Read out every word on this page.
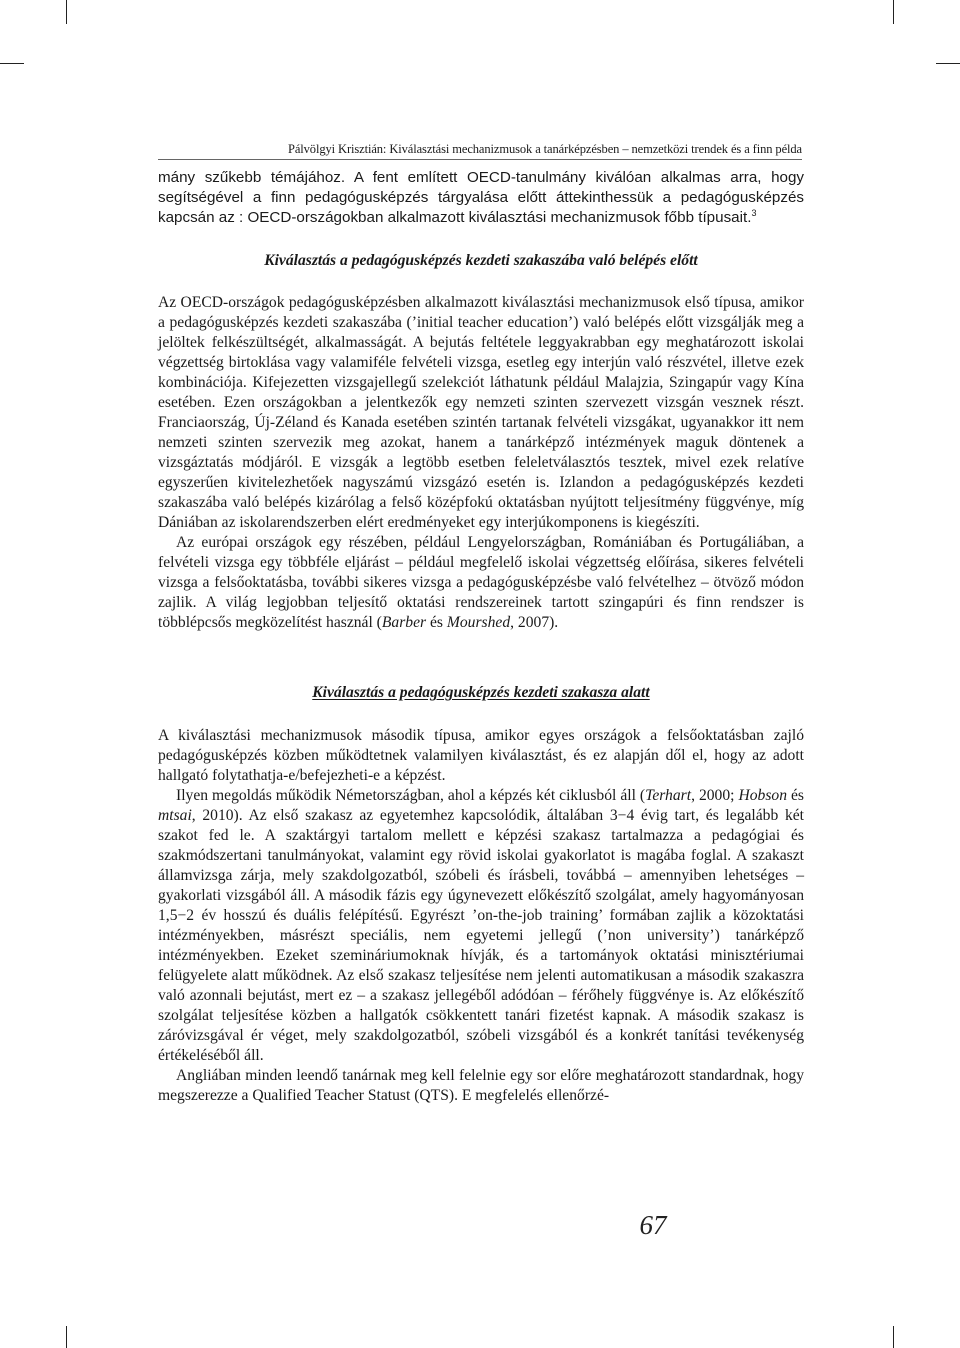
Pálvölgyi Krisztián: Kiválasztási mechanizmusok a tanárképzésben – nemzetközi trendek és a finn példa

mány szűkebb témájához. A fent említett OECD-tanulmány kiválóan alkalmas arra, hogy segítségével a finn pedagógusképzés tárgyalása előtt áttekinthessük a pedagógusképzés kapcsán az : OECD-országokban alkalmazott kiválasztási mechanizmusok főbb típusait.$^3$

Kiválasztás a pedagógusképzés kezdeti szakaszába való belépés előtt

Az OECD-országok pedagógusképzésben alkalmazott kiválasztási mechanizmusok első típusa, amikor a pedagógusképzés kezdeti szakaszába (’initial teacher education’) való belépés előtt vizsgálják meg a jelöltek felkészültségét, alkalmasságát. A bejutás feltétele leggyakrabban egy meghatározott iskolai végzettség birtoklása vagy valamiféle felvételi vizsga, esetleg egy interjún való részvétel, illetve ezek kombinációja. Kifejezetten vizsgajellegű szelekciót láthatunk például Malajzia, Szingapúr vagy Kína esetében. Ezen országokban a jelentkezők egy nemzeti szinten szervezett vizsgán vesznek részt. Franciaország, Új-Zéland és Kanada esetében szintén tartanak felvételi vizsgákat, ugyanakkor itt nem nemzeti szinten szervezik meg azokat, hanem a tanárképző intézmények maguk döntenek a vizsgáztatás módjáról. E vizsgák a legtöbb esetben feleletválasztós tesztek, mivel ezek relatíve egyszerűen kivitelezhetőek nagyszámú vizsgázó esetén is. Izlandon a pedagógusképzés kezdeti szakaszába való belépés kizárólag a felső középfokú oktatásban nyújtott teljesítmény függvénye, míg Dániában az iskolarendszerben elért eredményeket egy interjúkomponens is kiegészíti.

Az európai országok egy részében, például Lengyelországban, Romániában és Portugáliában, a felvételi vizsga egy többféle eljárást – például megfelelő iskolai végzettség előírása, sikeres felvételi vizsga a felsőoktatásba, további sikeres vizsga a pedagógusképzésbe való felvételhez – ötvöző módon zajlik. A világ legjobban teljesítő oktatási rendszereinek tartott szingapúri és finn rendszer is többlépcsős megközelítést használ (Barber és Mourshed, 2007).

Kiválasztás a pedagógusképzés kezdeti szakasza alatt

A kiválasztási mechanizmusok második típusa, amikor egyes országok a felsőoktatásban zajló pedagógusképzés közben működtetnek valamilyen kiválasztást, és ez alapján dől el, hogy az adott hallgató folytathatja-e/befejezheti-e a képzést.

Ilyen megoldás működik Németországban, ahol a képzés két ciklusból áll (Terhart, 2000; Hobson és mtsai, 2010). Az első szakasz az egyetemhez kapcsolódik, általában 3−4 évig tart, és legalább két szakot fed le. A szaktárgyi tartalom mellett e képzési szakasz tartalmazza a pedagógiai és szakmódszertani tanulmányokat, valamint egy rövid iskolai gyakorlatot is magába foglal. A szakaszt államvizsga zárja, mely szakdolgozatból, szóbeli és írásbeli, továbbá – amennyiben lehetséges – gyakorlati vizsgából áll. A második fázis egy úgynevezett előkészítő szolgálat, amely hagyományosan 1,5−2 év hosszú és duális felépítésű. Egyrészt ’on-the-job training’ formában zajlik a közoktatási intézményekben, másrészt speciális, nem egyetemi jellegű (’non university’) tanárképző intézményekben. Ezeket szemináriumoknak hívják, és a tartományok oktatási minisztériumai felügyelete alatt működnek. Az első szakasz teljesítése nem jelenti automatikusan a második szakaszra való azonnali bejutást, mert ez – a szakasz jellegéből adódóan – férőhely függvénye is. Az előkészítő szolgálat teljesítése közben a hallgatók csökkentett tanári fizetést kapnak. A második szakasz is záróvizsgával ér véget, mely szakdolgozatból, szóbeli vizsgából és a konkrét tanítási tevékenység értékeléséből áll.

Angliában minden leendő tanárnak meg kell felelnie egy sor előre meghatározott standardnak, hogy megszerezze a Qualified Teacher Statust (QTS). E megfelelés ellenőrzé-

67
